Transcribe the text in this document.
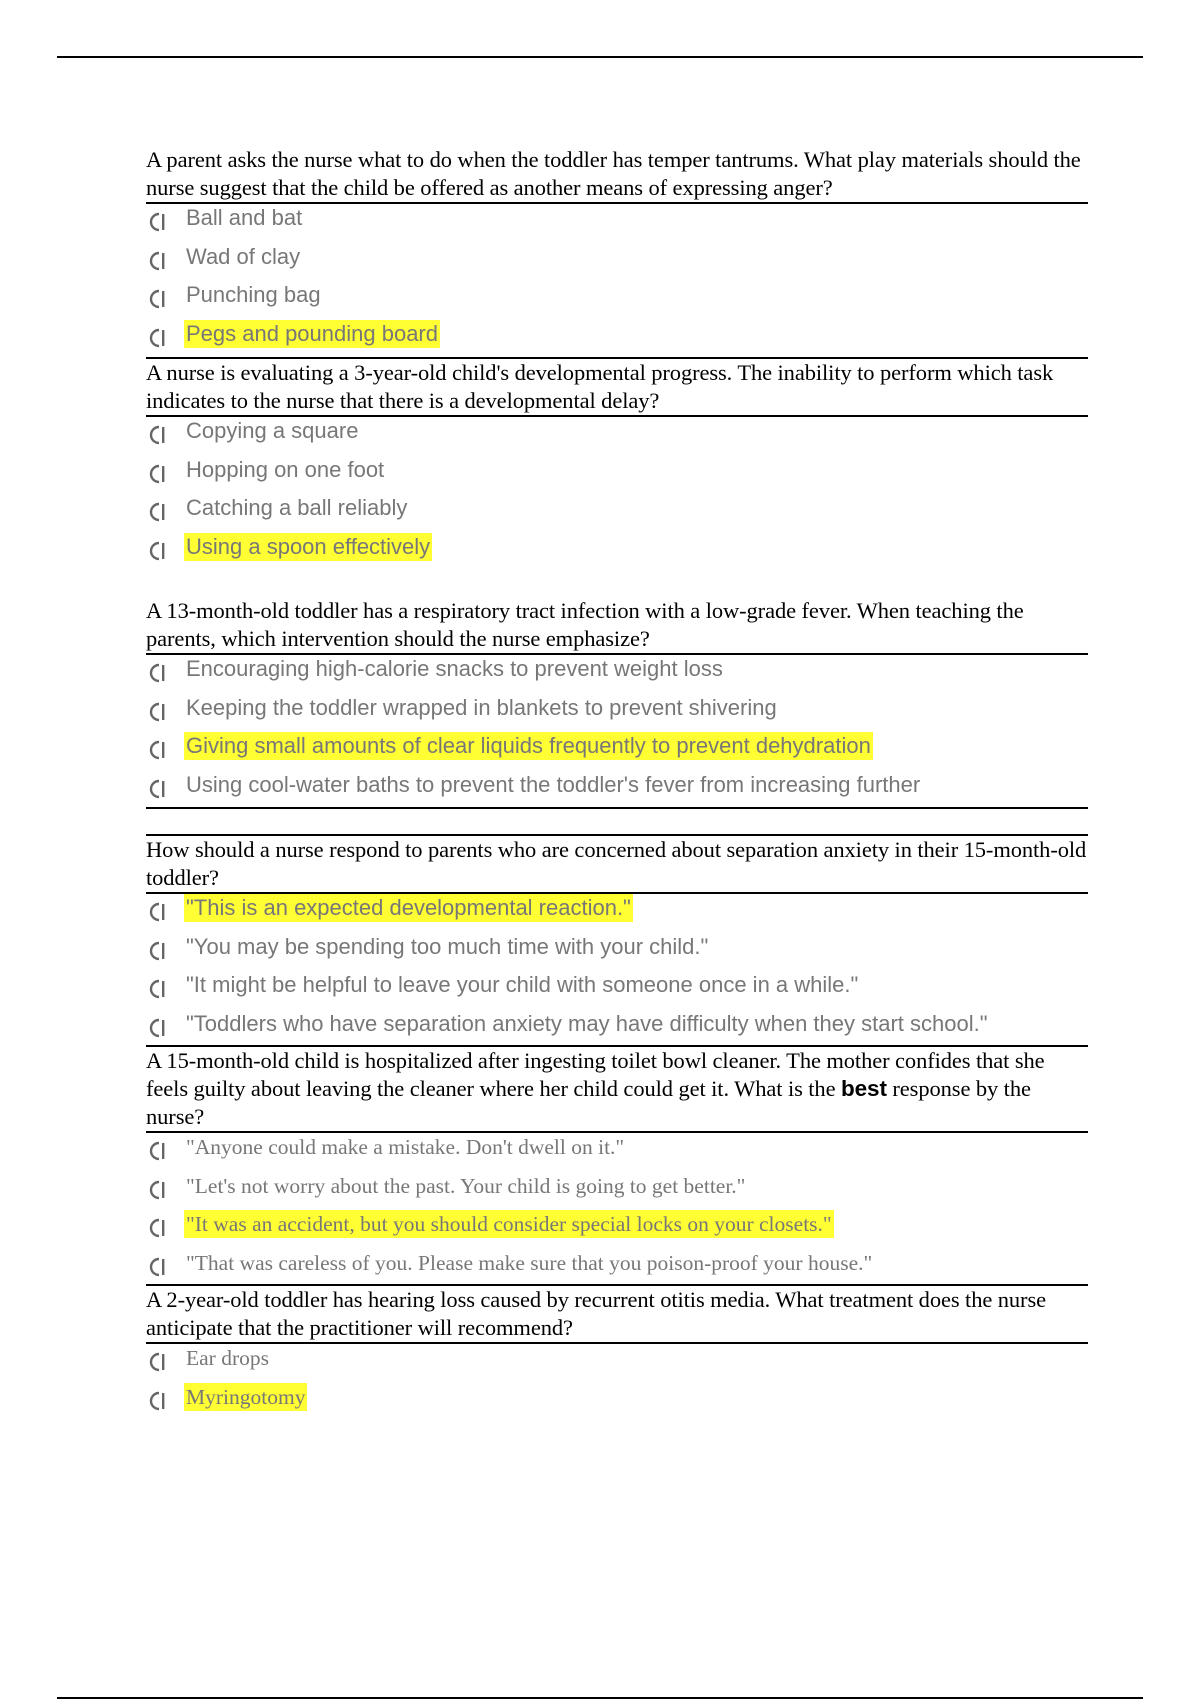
A parent asks the nurse what to do when the toddler has temper tantrums. What play materials should the nurse suggest that the child be offered as another means of expressing anger?
Ball and bat
Wad of clay
Punching bag
Pegs and pounding board
A nurse is evaluating a 3-year-old child's developmental progress. The inability to perform which task indicates to the nurse that there is a developmental delay?
Copying a square
Hopping on one foot
Catching a ball reliably
Using a spoon effectively
A 13-month-old toddler has a respiratory tract infection with a low-grade fever. When teaching the parents, which intervention should the nurse emphasize?
Encouraging high-calorie snacks to prevent weight loss
Keeping the toddler wrapped in blankets to prevent shivering
Giving small amounts of clear liquids frequently to prevent dehydration
Using cool-water baths to prevent the toddler's fever from increasing further
How should a nurse respond to parents who are concerned about separation anxiety in their 15-month-old toddler?
"This is an expected developmental reaction."
"You may be spending too much time with your child."
"It might be helpful to leave your child with someone once in a while."
"Toddlers who have separation anxiety may have difficulty when they start school."
A 15-month-old child is hospitalized after ingesting toilet bowl cleaner. The mother confides that she feels guilty about leaving the cleaner where her child could get it. What is the best response by the nurse?
"Anyone could make a mistake. Don't dwell on it."
"Let's not worry about the past. Your child is going to get better."
"It was an accident, but you should consider special locks on your closets."
"That was careless of you. Please make sure that you poison-proof your house."
A 2-year-old toddler has hearing loss caused by recurrent otitis media. What treatment does the nurse anticipate that the practitioner will recommend?
Ear drops
Myringotomy
